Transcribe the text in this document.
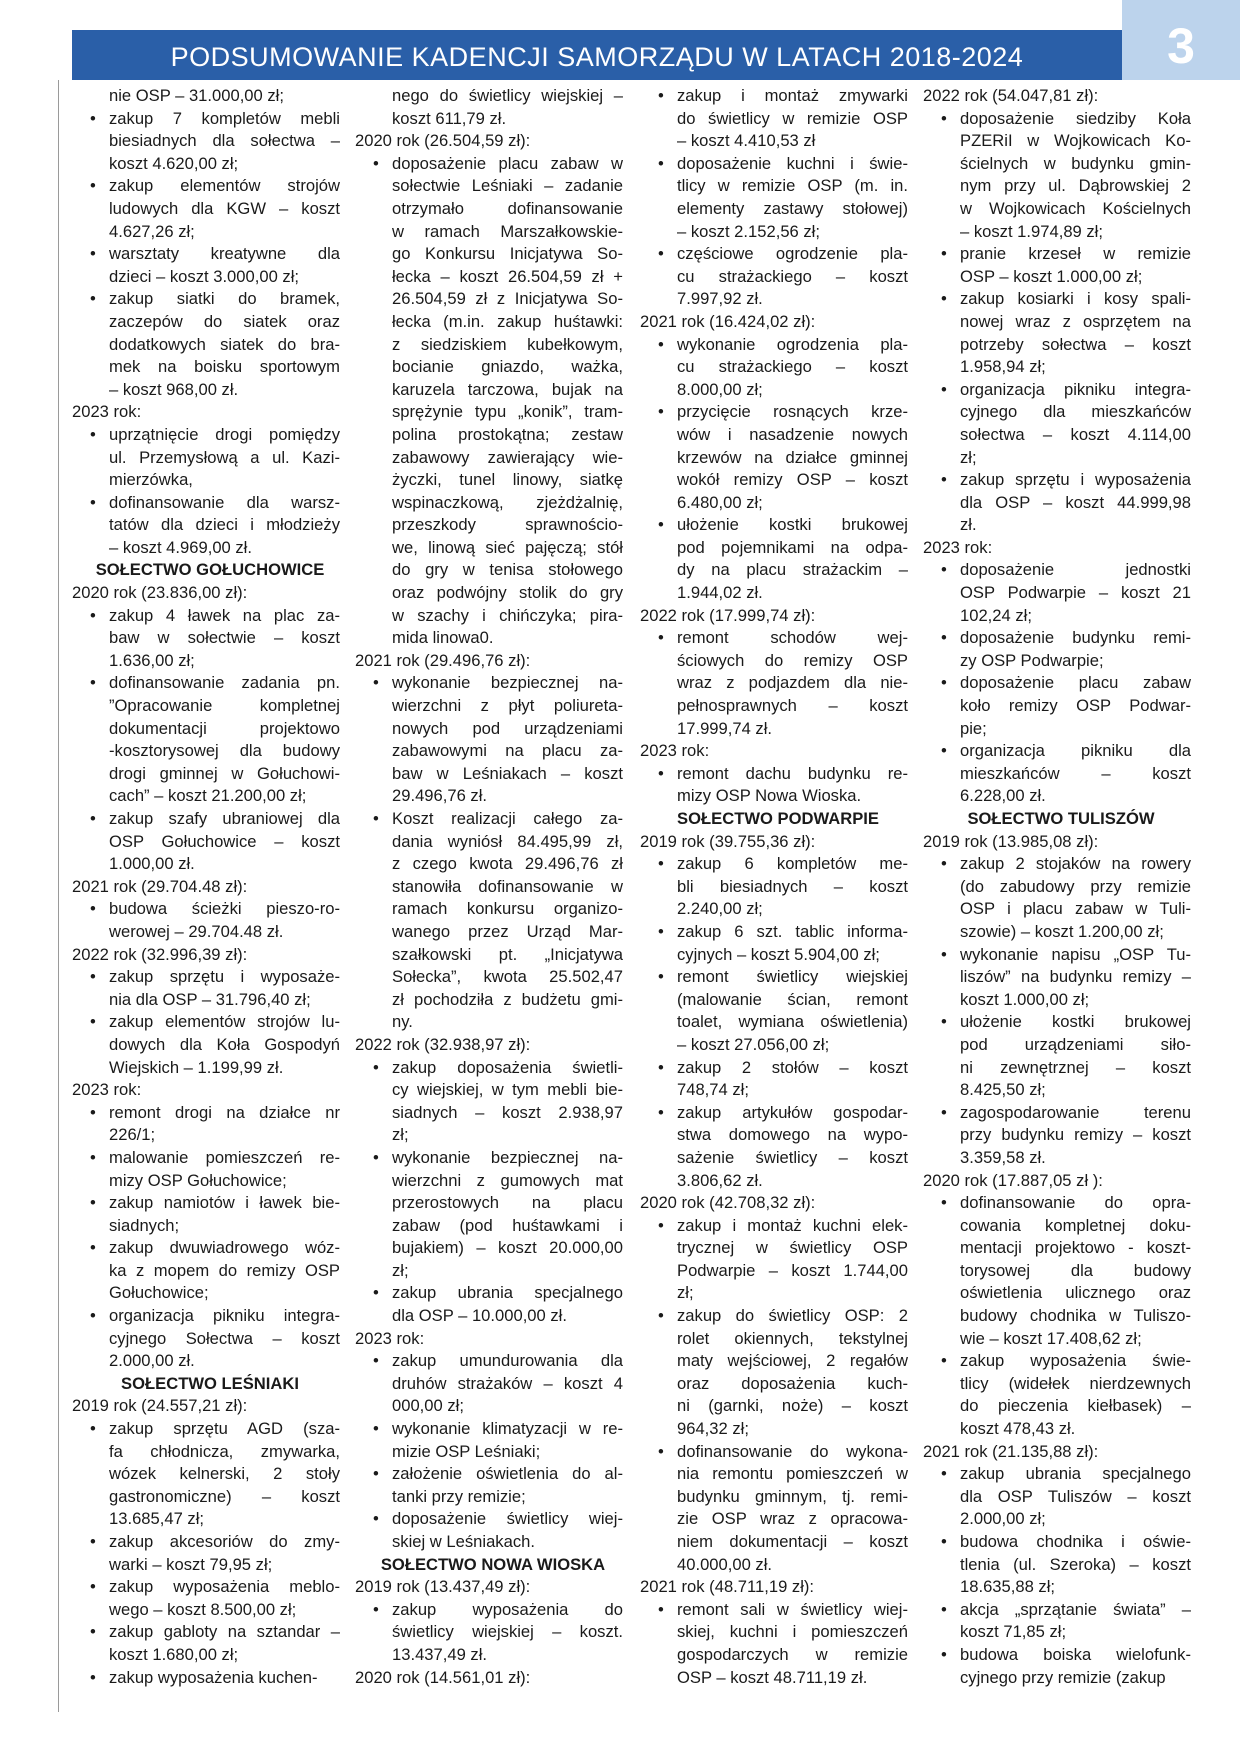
PODSUMOWANIE KADENCJI SAMORZĄDU W LATACH 2018-2024	3
nie OSP – 31.000,00 zł;
• zakup 7 kompletów mebli
biesiadnych dla sołectwa –
koszt 4.620,00 zł;
• zakup elementów strojów
ludowych dla KGW – koszt
4.627,26 zł;
• warsztaty kreatywne dla
dzieci – koszt 3.000,00 zł;
• zakup siatki do bramek,
zaczepów do siatek oraz
dodatkowych siatek do bra-
mek na boisku sportowym
– koszt 968,00 zł.
2023 rok:
• uprzątnięcie drogi pomiędzy
ul. Przemysłową a ul. Kazi-
mierzówka,
• dofinansowanie dla warsz-
tatów dla dzieci i młodzieży
– koszt 4.969,00 zł.
SOŁECTWO GOŁUCHOWICE
2020 rok (23.836,00 zł):
• zakup 4 ławek na plac za-
baw w sołectwie – koszt
1.636,00 zł;
• dofinansowanie zadania pn.
”Opracowanie kompletnej
dokumentacji projektowo
-kosztorysowej dla budowy
drogi gminnej w Gołuchowi-
cach” – koszt 21.200,00 zł;
• zakup szafy ubraniowej dla
OSP Gołuchowice – koszt
1.000,00 zł.
2021 rok (29.704.48 zł):
• budowa ścieżki pieszo-ro-
werowej – 29.704.48 zł.
2022 rok (32.996,39 zł):
• zakup sprzętu i wyposaże-
nia dla OSP – 31.796,40 zł;
• zakup elementów strojów lu-
dowych dla Koła Gospodyń
Wiejskich – 1.199,99 zł.
2023 rok:
• remont drogi na działce nr
226/1;
• malowanie pomieszczeń re-
mizy OSP Gołuchowice;
• zakup namiotów i ławek bie-
siadnych;
• zakup dwuwiadrowego wóz-
ka z mopem do remizy OSP
Gołuchowice;
• organizacja pikniku integra-
cyjnego Sołectwa – koszt
2.000,00 zł.
SOŁECTWO LEŚNIAKI
2019 rok (24.557,21 zł):
• zakup sprzętu AGD (sza-
fa chłodnicza, zmywarka,
wózek kelnerski, 2 stoły
gastronomiczne) – koszt
13.685,47 zł;
• zakup akcesoriów do zmy-
warki – koszt 79,95 zł;
• zakup wyposażenia meblo-
wego – koszt 8.500,00 zł;
• zakup gabloty na sztandar –
koszt 1.680,00 zł;
• zakup wyposażenia kuchen-
nego do świetlicy wiejskiej –
koszt 611,79 zł.
2020 rok (26.504,59 zł):
• doposażenie placu zabaw w
sołectwie Leśniaki – zadanie
otrzymało dofinansowanie
w ramach Marszałkowskie-
go Konkursu Inicjatywa So-
łecka – koszt 26.504,59 zł +
26.504,59 zł z Inicjatywa So-
łecka (m.in. zakup huśtawki:
z siedziskiem kubełkowym,
bocianie gniazdo, ważka,
karuzela tarczowa, bujak na
sprężynie typu „konik”, tram-
polina prostokątna; zestaw
zabawowy zawierający wie-
życzki, tunel linowy, siatkę
wspinaczkową, zjeżdżalnię,
przeszkody sprawnościo-
we, linową sieć pajęczą; stół
do gry w tenisa stołowego
oraz podwójny stolik do gry
w szachy i chińczyka; pira-
mida linowa0.
2021 rok (29.496,76 zł):
• wykonanie bezpiecznej na-
wierzchni z płyt poliureta-
nowych pod urządzeniami
zabawowymi na placu za-
baw w Leśniakach – koszt
29.496,76 zł.
• Koszt realizacji całego za-
dania wyniósł 84.495,99 zł,
z czego kwota 29.496,76 zł
stanowiła dofinansowanie w
ramach konkursu organizo-
wanego przez Urząd Mar-
szałkowski pt. „Inicjatywa
Sołecka”, kwota 25.502,47
zł pochodziła z budżetu gmi-
ny.
2022 rok (32.938,97 zł):
• zakup doposażenia świetli-
cy wiejskiej, w tym mebli bie-
siadnych – koszt 2.938,97
zł;
• wykonanie bezpiecznej na-
wierzchni z gumowych mat
przerostowych na placu
zabaw (pod huśtawkami i
bujakiem) – koszt 20.000,00
zł;
• zakup ubrania specjalnego
dla OSP – 10.000,00 zł.
2023 rok:
• zakup umundurowania dla
druhów strażaków – koszt 4
000,00 zł;
• wykonanie klimatyzacji w re-
mizie OSP Leśniaki;
• założenie oświetlenia do al-
tanki przy remizie;
• doposażenie świetlicy wiej-
skiej w Leśniakach.
SOŁECTWO NOWA WIOSKA
2019 rok (13.437,49 zł):
• zakup wyposażenia do
świetlicy wiejskiej – koszt.
13.437,49 zł.
2020 rok (14.561,01 zł):
• zakup i montaż zmywarki
do świetlicy w remizie OSP
– koszt 4.410,53 zł
• doposażenie kuchni i świe-
tlicy w remizie OSP (m. in.
elementy zastawy stołowej)
– koszt 2.152,56 zł;
• częściowe ogrodzenie pla-
cu strażackiego – koszt
7.997,92 zł.
2021 rok (16.424,02 zł):
• wykonanie ogrodzenia pla-
cu strażackiego – koszt
8.000,00 zł;
• przycięcie rosnących krze-
wów i nasadzenie nowych
krzewów na działce gminnej
wokół remizy OSP – koszt
6.480,00 zł;
• ułożenie kostki brukowej
pod pojemnikami na odpa-
dy na placu strażackim –
1.944,02 zł.
2022 rok (17.999,74 zł):
• remont schodów wej-
ściowych do remizy OSP
wraz z podjazdem dla nie-
pełnosprawnych – koszt
17.999,74 zł.
2023 rok:
• remont dachu budynku re-
mizy OSP Nowa Wioska.
SOŁECTWO PODWARPIE
2019 rok (39.755,36 zł):
• zakup 6 kompletów me-
bli biesiadnych – koszt
2.240,00 zł;
• zakup 6 szt. tablic informa-
cyjnych – koszt 5.904,00 zł;
• remont świetlicy wiejskiej
(malowanie ścian, remont
toalet, wymiana oświetlenia)
– koszt 27.056,00 zł;
• zakup 2 stołów – koszt
748,74 zł;
• zakup artykułów gospodar-
stwa domowego na wypo-
sażenie świetlicy – koszt
3.806,62 zł.
2020 rok (42.708,32 zł):
• zakup i montaż kuchni elek-
trycznej w świetlicy OSP
Podwarpie – koszt 1.744,00
zł;
• zakup do świetlicy OSP: 2
rolet okiennych, tekstylnej
maty wejściowej, 2 regałów
oraz doposażenia kuch-
ni (garnki, noże) – koszt
964,32 zł;
• dofinansowanie do wykona-
nia remontu pomieszczeń w
budynku gminnym, tj. remi-
zie OSP wraz z opracowa-
niem dokumentacji – koszt
40.000,00 zł.
2021 rok (48.711,19 zł):
• remont sali w świetlicy wiej-
skiej, kuchni i pomieszczeń
gospodarczych w remizie
OSP – koszt 48.711,19 zł.
2022 rok (54.047,81 zł):
• doposażenie siedziby Koła
PZERiI w Wojkowicach Ko-
ścielnych w budynku gmin-
nym przy ul. Dąbrowskiej 2
w Wojkowicach Kościelnych
– koszt 1.974,89 zł;
• pranie krzeseł w remizie
OSP – koszt 1.000,00 zł;
• zakup kosiarki i kosy spali-
nowej wraz z osprzętem na
potrzeby sołectwa – koszt
1.958,94 zł;
• organizacja pikniku integra-
cyjnego dla mieszkańców
sołectwa – koszt 4.114,00
zł;
• zakup sprzętu i wyposażenia
dla OSP – koszt 44.999,98
zł.
2023 rok:
• doposażenie jednostki
OSP Podwarpie – koszt 21
102,24 zł;
• doposażenie budynku remi-
zy OSP Podwarpie;
• doposażenie placu zabaw
koło remizy OSP Podwar-
pie;
• organizacja pikniku dla
mieszkańców – koszt
6.228,00 zł.
SOŁECTWO TULISZÓW
2019 rok (13.985,08 zł):
• zakup 2 stojaków na rowery
(do zabudowy przy remizie
OSP i placu zabaw w Tuli-
szowie) – koszt 1.200,00 zł;
• wykonanie napisu „OSP Tu-
liszów” na budynku remizy –
koszt 1.000,00 zł;
• ułożenie kostki brukowej
pod urządzeniami siło-
ni zewnętrznej – koszt
8.425,50 zł;
• zagospodarowanie terenu
przy budynku remizy – koszt
3.359,58 zł.
2020 rok (17.887,05 zł ):
• dofinansowanie do opra-
cowania kompletnej doku-
mentacji projektowo - koszt-
torysowej dla budowy
oświetlenia ulicznego oraz
budowy chodnika w Tuliszo-
wie – koszt 17.408,62 zł;
• zakup wyposażenia świe-
tlicy (widełek nierdzewnych
do pieczenia kiełbasek) –
koszt 478,43 zł.
2021 rok (21.135,88 zł):
• zakup ubrania specjalnego
dla OSP Tuliszów – koszt
2.000,00 zł;
• budowa chodnika i oświe-
tlenia (ul. Szeroka) – koszt
18.635,88 zł;
• akcja „sprzątanie świata” –
koszt 71,85 zł;
• budowa boiska wielofunk-
cyjnego przy remizie (zakup
